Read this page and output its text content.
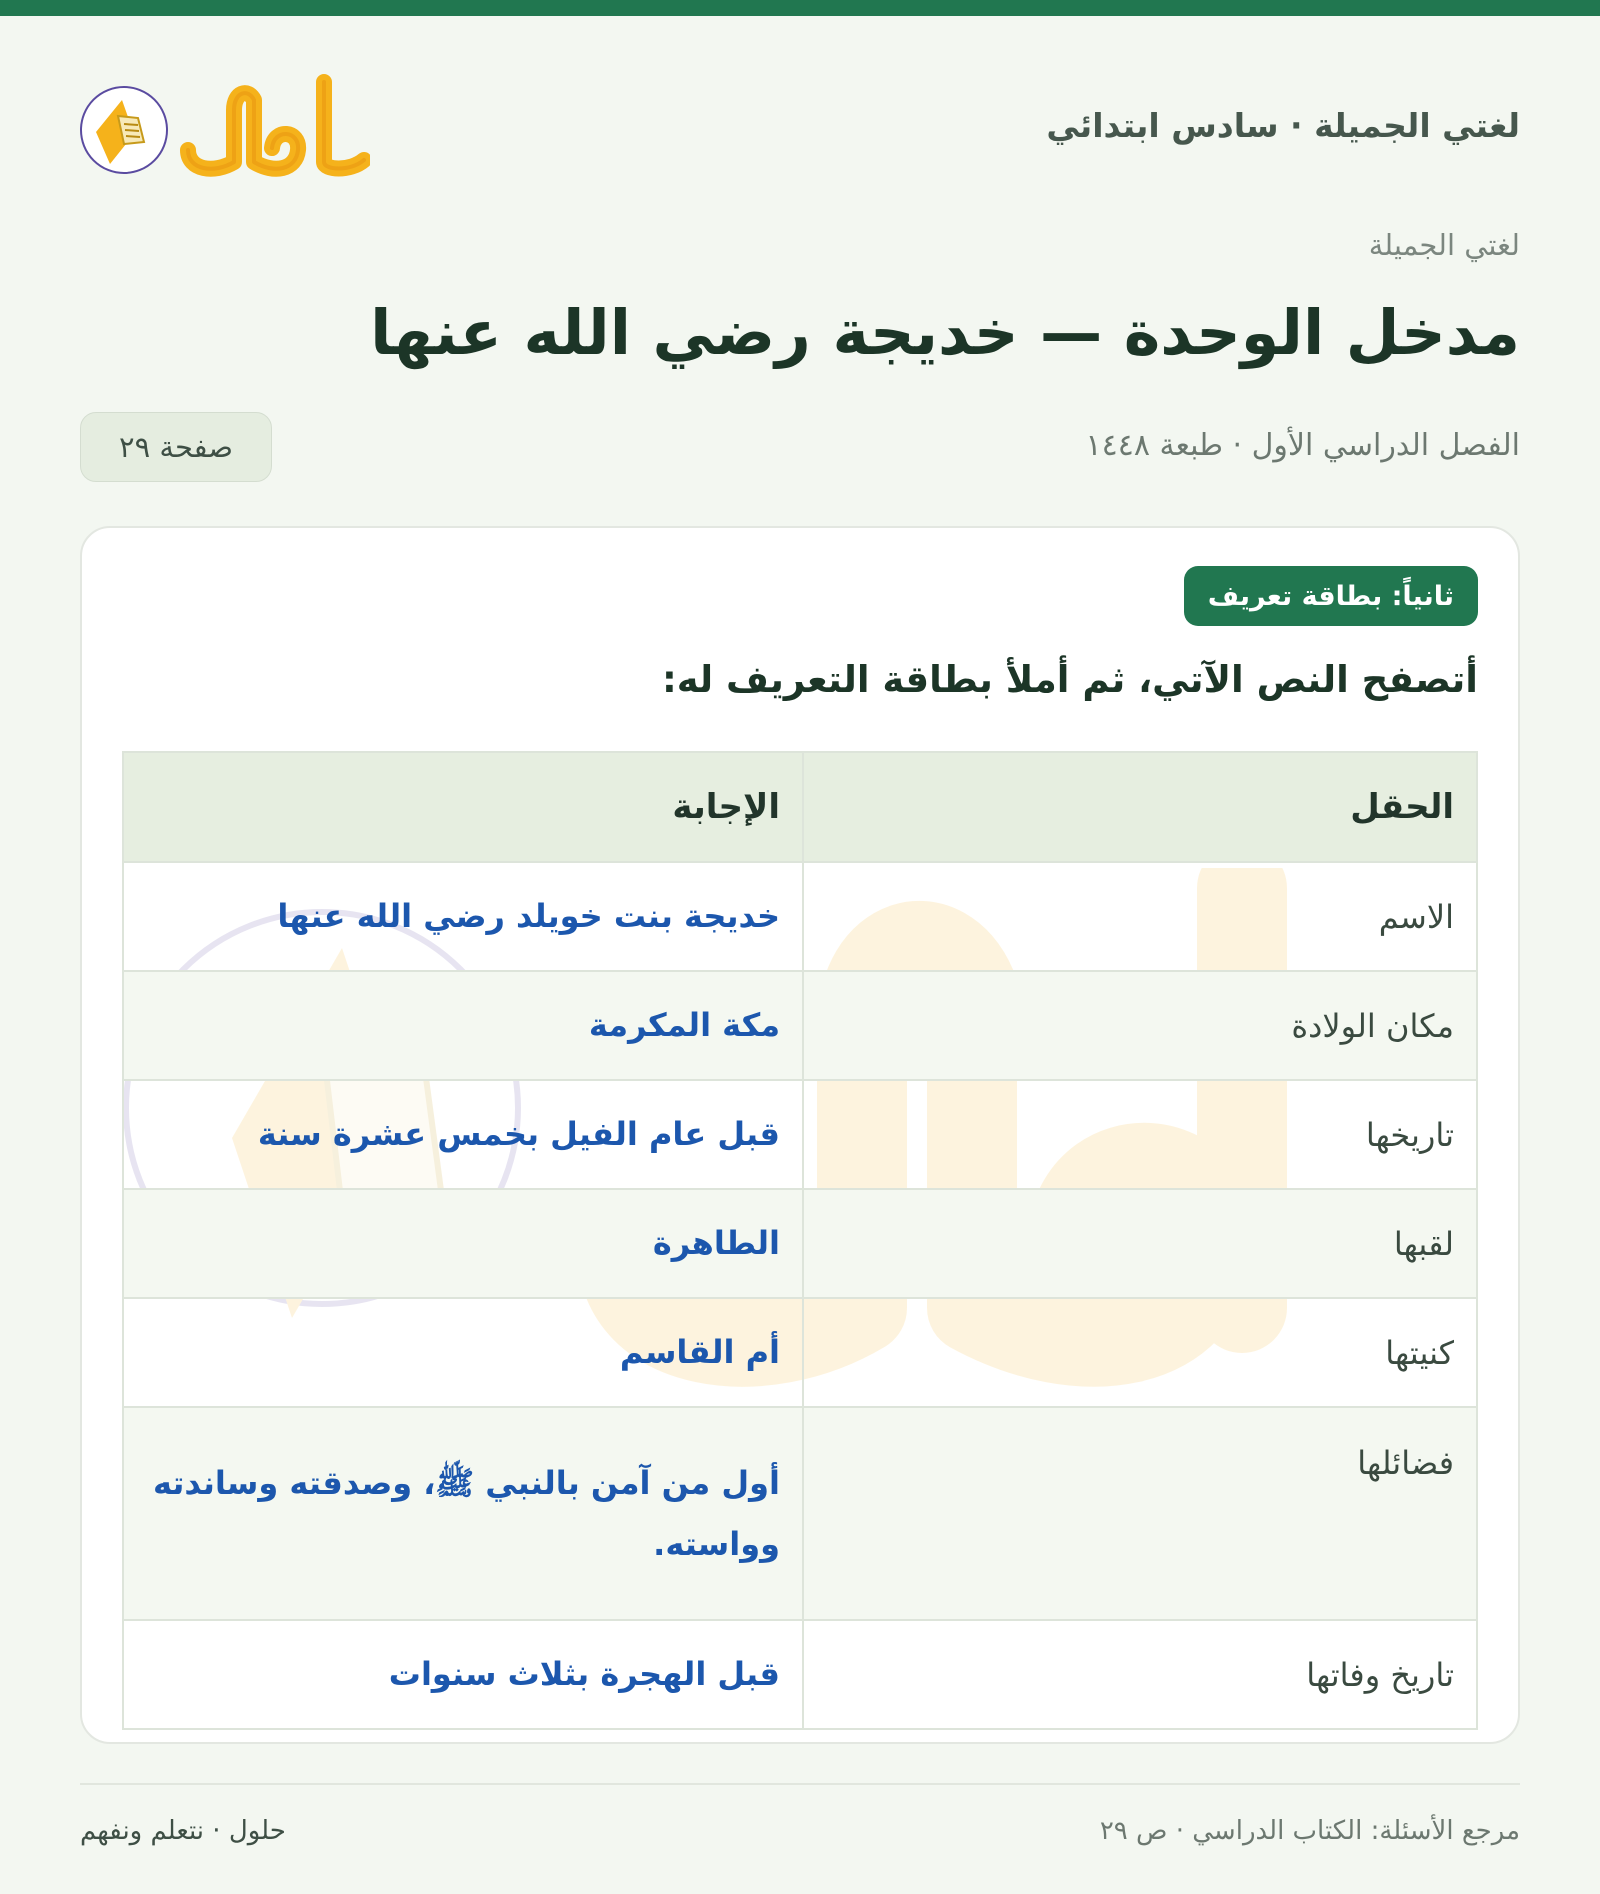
لغتي الجميلة · سادس ابتدائي
لغتي الجميلة
مدخل الوحدة — خديجة رضي الله عنها
الفصل الدراسي الأول · طبعة ١٤٤٨
صفحة ٢٩
ثانياً: بطاقة تعريف
أتصفح النص الآتي، ثم أملأ بطاقة التعريف له:
الحقل	الإجابة
الاسم	خديجة بنت خويلد رضي الله عنها
مكان الولادة	مكة المكرمة
تاريخها	قبل عام الفيل بخمس عشرة سنة
لقبها	الطاهرة
كنيتها	أم القاسم
فضائلها	أول من آمن بالنبي ﷺ، وصدقته وساندته وواسته.
تاريخ وفاتها	قبل الهجرة بثلاث سنوات
مرجع الأسئلة: الكتاب الدراسي · ص ٢٩
حلول · نتعلم ونفهم
